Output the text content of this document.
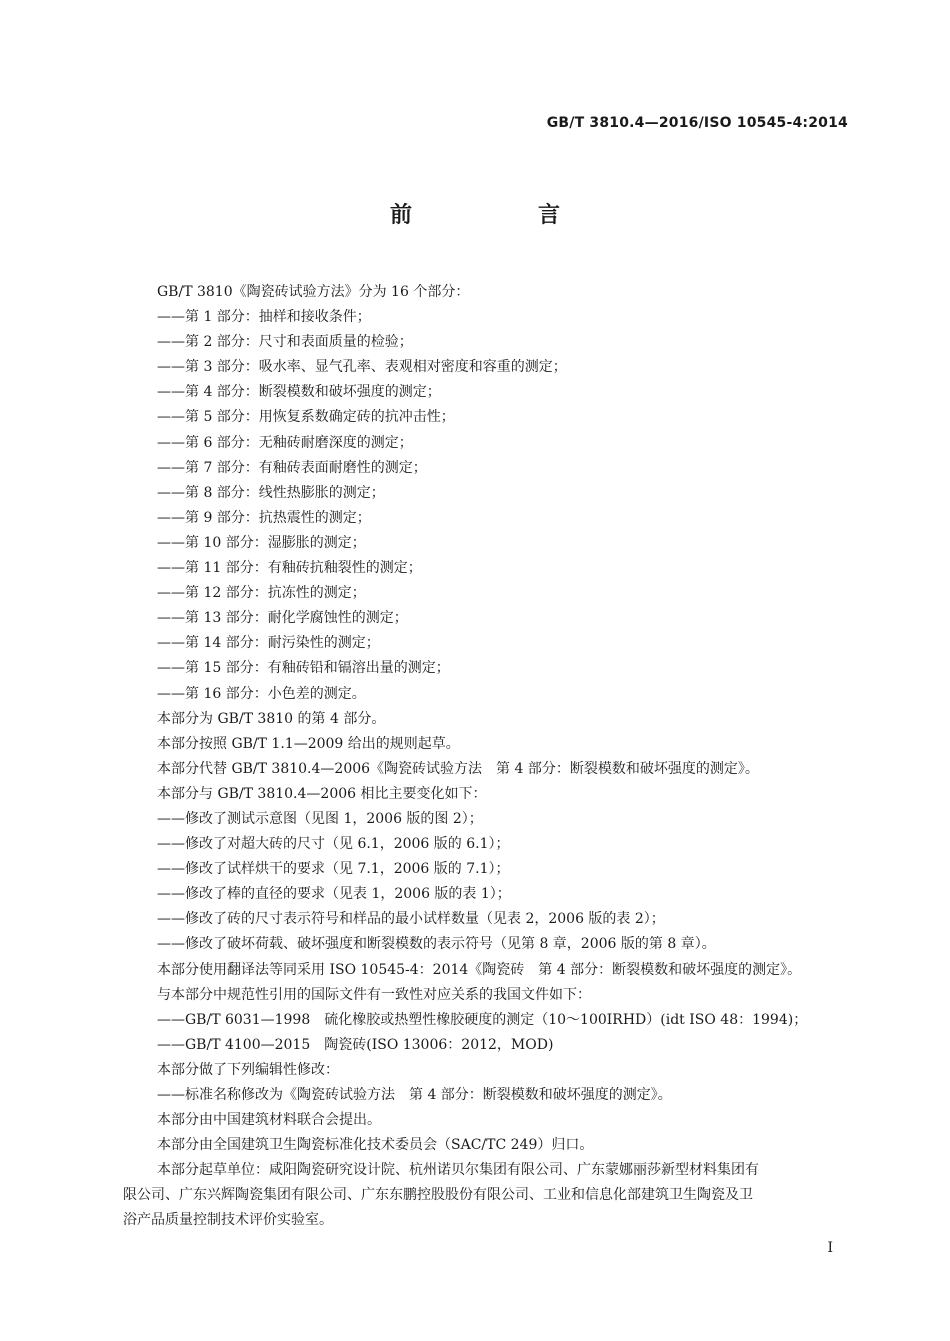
GB/T 3810.4—2016/ISO 10545-4:2014
前　言
GB/T 3810《陶瓷砖试验方法》分为 16 个部分：
——第 1 部分：抽样和接收条件；
——第 2 部分：尺寸和表面质量的检验；
——第 3 部分：吸水率、显气孔率、表观相对密度和容重的测定；
——第 4 部分：断裂模数和破坏强度的测定；
——第 5 部分：用恢复系数确定砖的抗冲击性；
——第 6 部分：无釉砖耐磨深度的测定；
——第 7 部分：有釉砖表面耐磨性的测定；
——第 8 部分：线性热膨胀的测定；
——第 9 部分：抗热震性的测定；
——第 10 部分：湿膨胀的测定；
——第 11 部分：有釉砖抗釉裂性的测定；
——第 12 部分：抗冻性的测定；
——第 13 部分：耐化学腐蚀性的测定；
——第 14 部分：耐污染性的测定；
——第 15 部分：有釉砖铅和镉溶出量的测定；
——第 16 部分：小色差的测定。
本部分为 GB/T 3810 的第 4 部分。
本部分按照 GB/T 1.1—2009 给出的规则起草。
本部分代替 GB/T 3810.4—2006《陶瓷砖试验方法　第 4 部分：断裂模数和破坏强度的测定》。
本部分与 GB/T 3810.4—2006 相比主要变化如下：
——修改了测试示意图（见图 1，2006 版的图 2）；
——修改了对超大砖的尺寸（见 6.1，2006 版的 6.1）；
——修改了试样烘干的要求（见 7.1，2006 版的 7.1）；
——修改了棒的直径的要求（见表 1，2006 版的表 1）；
——修改了砖的尺寸表示符号和样品的最小试样数量（见表 2，2006 版的表 2）；
——修改了破坏荷载、破坏强度和断裂模数的表示符号（见第 8 章，2006 版的第 8 章）。
本部分使用翻译法等同采用 ISO 10545-4：2014《陶瓷砖　第 4 部分：断裂模数和破坏强度的测定》。
与本部分中规范性引用的国际文件有一致性对应关系的我国文件如下：
——GB/T 6031—1998　硫化橡胶或热塑性橡胶硬度的测定（10～100IRHD）(idt ISO 48：1994)；
——GB/T 4100—2015　陶瓷砖(ISO 13006：2012，MOD)
本部分做了下列编辑性修改：
——标准名称修改为《陶瓷砖试验方法　第 4 部分：断裂模数和破坏强度的测定》。
本部分由中国建筑材料联合会提出。
本部分由全国建筑卫生陶瓷标准化技术委员会（SAC/TC 249）归口。
本部分起草单位：咸阳陶瓷研究设计院、杭州诺贝尔集团有限公司、广东蒙娜丽莎新型材料集团有
限公司、广东兴辉陶瓷集团有限公司、广东东鹏控股股份有限公司、工业和信息化部建筑卫生陶瓷及卫
浴产品质量控制技术评价实验室。
I
